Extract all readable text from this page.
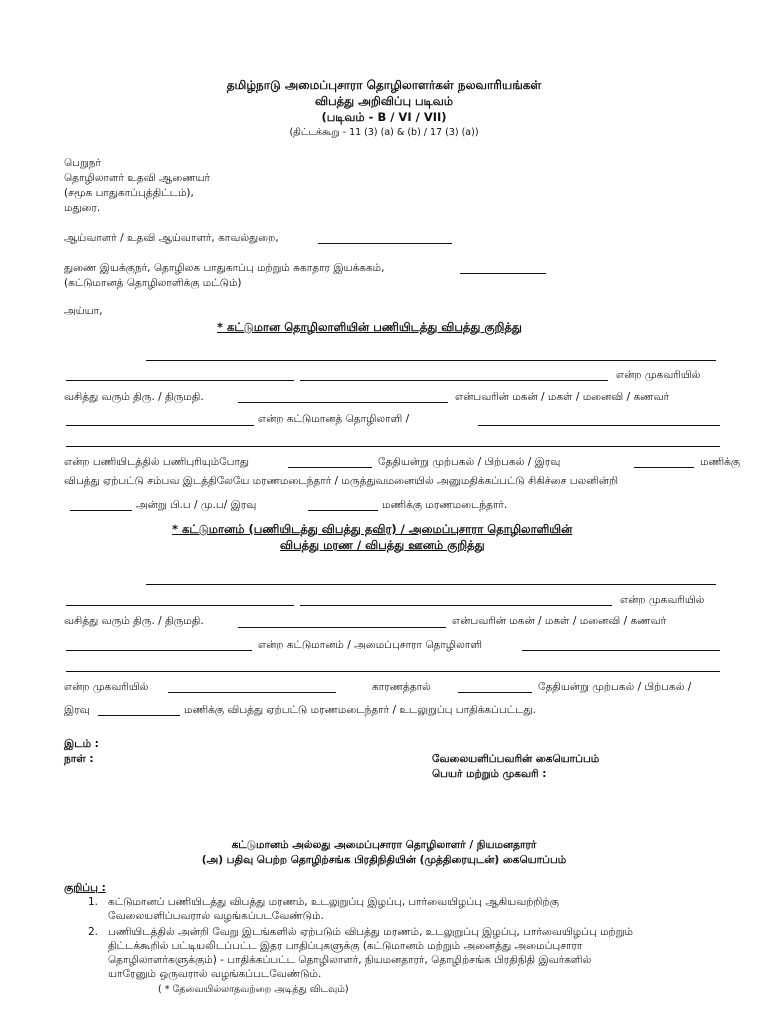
தமிழ்நாடு அமைப்புசாரா தொழிலாளர்கள் நலவாரியங்கள்
விபத்து அறிவிப்பு படிவம்
(படிவம் - B / VI / VII)
(திட்டக்கூறு - 11 (3) (a) & (b) / 17 (3) (a))
பெறுநர்
தொழிலாளர் உதவி ஆணையர்
(சமூக பாதுகாப்புத்திட்டம்),
மதுரை.
ஆய்வாளர் / உதவி ஆய்வாளர், காவல்துறை,
துணை இயக்குநர், தொழிலக பாதுகாப்பு மற்றும் சுகாதார இயக்ககம்,
(கட்டுமானத் தொழிலாளிக்கு மட்டும்)
அய்யா,
* கட்டுமான தொழிலாளியின் பணியிடத்து விபத்து குறித்து
என்ற முகவரியில்
வசித்து வரும் திரு. / திருமதி.	என்பவரின் மகன் / மகள் / மனைவி / கணவர்
என்ற கட்டுமானத் தொழிலாளி /
என்ற பணியிடத்தில் பணிபுரியும்போது	தேதியன்று முற்பகல் / பிற்பகல் / இரவு	மணிக்கு
விபத்து ஏற்பட்டு சம்பவ இடத்திலேயே மரணமடைந்தார் / மருத்துவமனையில் அனுமதிக்கப்பட்டு சிகிச்சை பலனின்றி
அன்று பி.ப / மு.ப/ இரவு	மணிக்கு மரணமடைந்தார்.
* கட்டுமானம் (பணியிடத்து விபத்து தவிர) / அமைப்புசாரா தொழிலாளியின்
விபத்து மரண / விபத்து ஊனம் குறித்து
என்ற முகவரியில்
வசித்து வரும் திரு. / திருமதி.	என்பவரின் மகன் / மகள் / மனைவி / கணவர்
என்ற கட்டுமானம் / அமைப்புசாரா தொழிலாளி
என்ற முகவரியில்	காரணத்தால்	தேதியன்று முற்பகல் / பிற்பகல் /
இரவு	மணிக்கு விபத்து ஏற்பட்டு மரணமடைந்தார் / உடலுறுப்பு பாதிக்கப்பட்டது.
இடம் :
நாள் :	வேலையளிப்பவரின் கையொப்பம்
பெயர் மற்றும் முகவரி :
கட்டுமானம் அல்லது அமைப்புசாரா தொழிலாளர் / நியமனதாரர்
(அ) பதிவு பெற்ற தொழிற்சங்க பிரதிநிதியின் (முத்திரையுடன்) கையொப்பம்
குறிப்பு :
1. கட்டுமானப் பணியிடத்து விபத்து மரணம், உடலுறுப்பு இழப்பு, பார்வையிழப்பு ஆகியவற்றிற்கு
வேலையளிப்பவரால் வழங்கப்படவேண்டும்.
2. பணியிடத்தில் அன்றி வேறு இடங்களில் ஏற்படும் விபத்து மரணம், உடலுறுப்பு இழப்பு, பார்வையிழப்பு மற்றும்
திட்டக்கூறில் பட்டியலிடப்பட்ட இதர பாதிப்புகளுக்கு (கட்டுமானம் மற்றும் அனைத்து அமைப்புசாரா
தொழிலாளர்களுக்கும்) - பாதிக்கப்பட்ட தொழிலாளர், நியமனதாரர், தொழிற்சங்க பிரதிநிதி இவர்களில்
யாரேனும் ஒருவரால் வழங்கப்படவேண்டும்.
( * தேவையில்லாதவற்றை அடித்து விடவும்)
